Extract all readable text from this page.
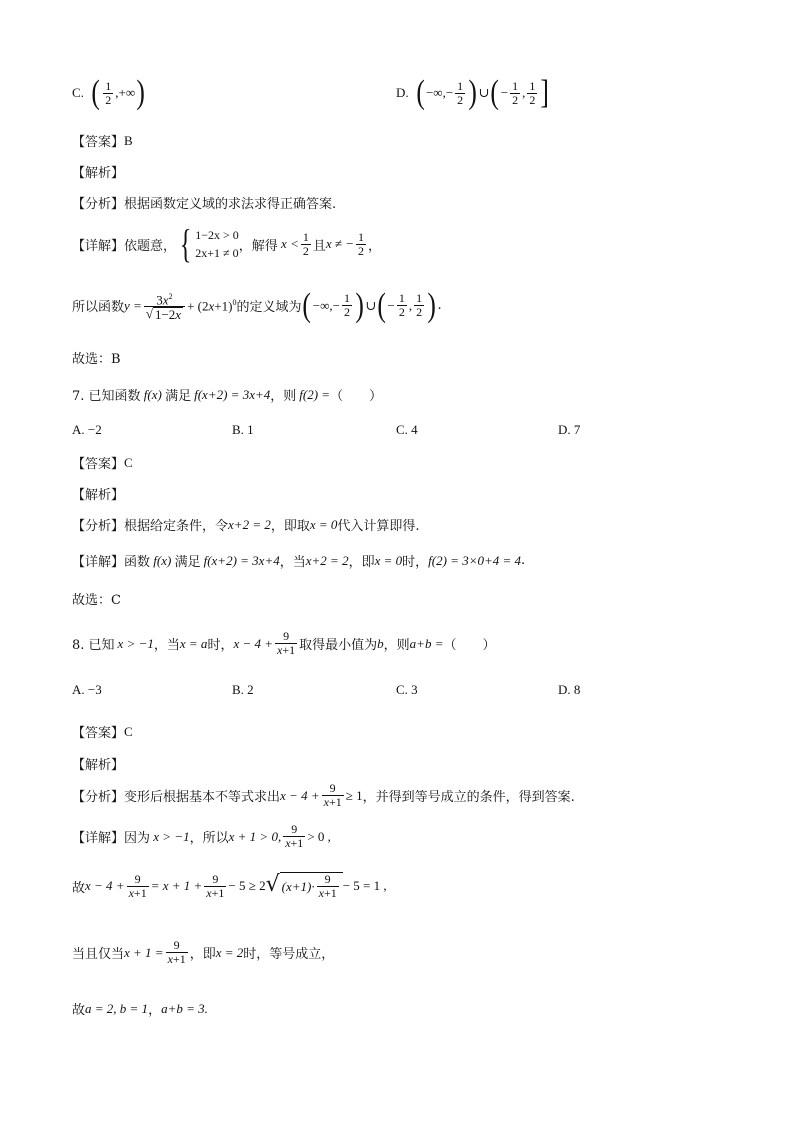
C. ( $\frac{1}{2}$ ,+∞ )	D. ( −∞,− $\frac{1}{2}$ ) ∪ ( − $\frac{1}{2}$ , $\frac{1}{2}$ ]
【答案】 B
【解析】
【分析】 根据函数定义域的求法求得正确答案.
【详解】 依题意， { 1−2x > 0
2x+1 ≠ 0 ，解得 $x < \frac{1}{2}$ 且 x ≠ − $\frac{1}{2}$ ，
所以函数 $y = \frac{3x^2}{√ 1-2x} + (2x+1)^0$ 的定义域为 ( −∞,− $\frac{1}{2}$ ) ∪ ( − $\frac{1}{2}$ , $\frac{1}{2}$ ) .
故选：B
7. 已知函数 f(x) 满足 f(x+2) = 3x+4 ，则 f(2) = （　　）
A. −2	B. 1	C. 4	D. 7
【答案】 C
【解析】
【分析】 根据给定条件，令 x+2 = 2 ，即取 x = 0 代入计算即得.
【详解】 函数 f(x) 满足 f(x+2) = 3x+4 ，当 x+2 = 2 ，即 x = 0 时， f(2) = 3×0+4 = 4 .
故选：C
8. 已知 x > −1 ，当 x = a 时， $x - 4 + \frac{9}{x+1}$ 取得最小值为 b ，则 a+b = （　　）
A. −3	B. 2	C. 3	D. 8
【答案】 C
【解析】
【分析】 变形后根据基本不等式求出 $x - 4 + \frac{9}{x+1} \ge 1$ ，并得到等号成立的条件，得到答案.
【详解】 因为 x > −1 ，所以 x + 1 > 0, $\frac{9}{x+1} > 0$ ,
故 $x - 4 + \frac{9}{x+1} = x + 1 + \frac{9}{x+1} - 5 \ge 2$ √ $(x+1)\cdot \frac{9}{x+1} - 5 = 1$ ,
当且仅当 $x + 1 = \frac{9}{x+1}$ ，即 x = 2 时，等号成立，
故 a = 2, b = 1 ， a+b = 3.
